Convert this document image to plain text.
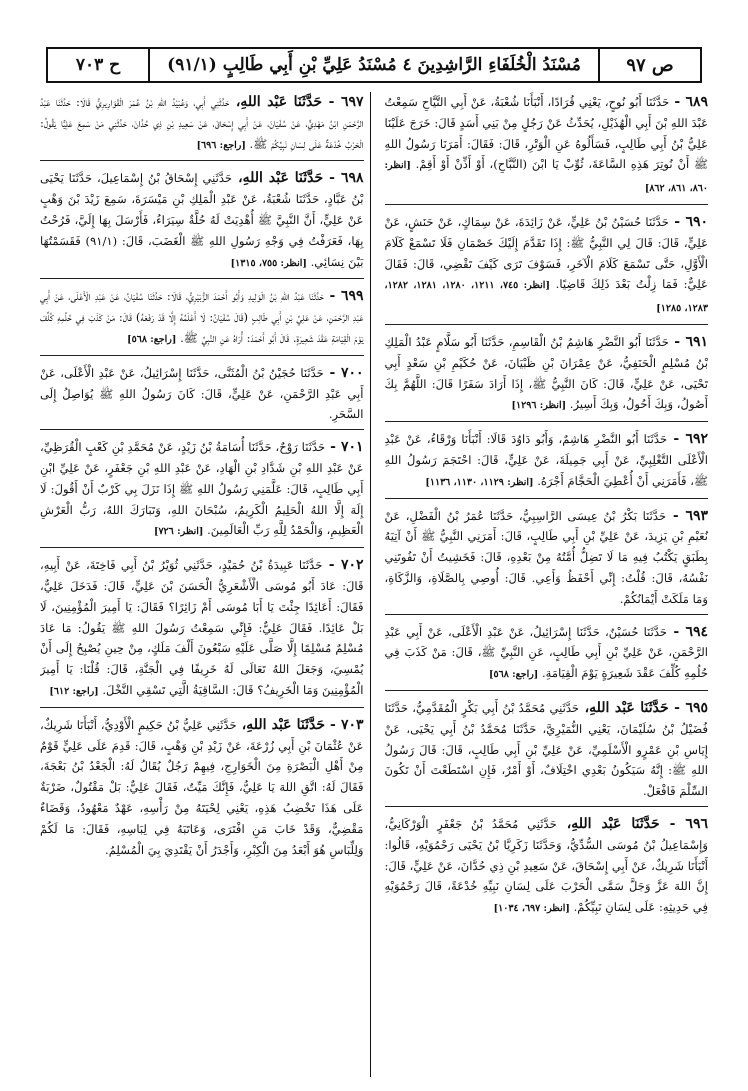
ص ٩٧
مُسْنَدُ الْخُلَفَاءِ الرَّاشِدِينَ ٤ مُسْنَدُ عَلِيِّ بْنِ أَبِي طَالِبٍ (٩١/١)
ح ٧٠٣

٦٨٩ - حَدَّثَنَا أَبُو نُوحٍ، يَعْنِي قُرَادًا، أَنْبَأَنَا شُعْبَةُ، عَنْ أَبِي التَّيَّاحِ سَمِعْتُ عَبْدَ اللهِ بْنَ أَبِي الْهُذَيْلِ، يُحَدِّثُ عَنْ رَجُلٍ مِنْ بَنِي أَسَدٍ قَالَ: خَرَجَ عَلَيْنَا عَلِيُّ بْنُ أَبِي طَالِبٍ، فَسَأَلُوهُ عَنِ الْوَتْرِ، قَالَ: فَقَالَ: أَمَرَنَا رَسُولُ اللهِ ﷺ أَنْ نُوتِرَ هَذِهِ السَّاعَةَ، ثُوِّبْ يَا ابْنَ (النَّبَّاحِ)، أَوْ أَذِّنْ أَوْ أَقِمْ. [انظر: ٨٦٠، ٨٦١، ٨٦٢]

٦٩٠ - حَدَّثَنَا حُسَيْنُ بْنُ عَلِيٍّ، عَنْ زَائِدَةَ، عَنْ سِمَاكٍ، عَنْ حَنَشٍ، عَنْ عَلِيٍّ، قَالَ: قَالَ لِي النَّبِيُّ ﷺ: إِذَا تَقَدَّمَ إِلَيْكَ خَصْمَانِ فَلَا تَسْمَعْ كَلَامَ الْأَوَّلِ، حَتَّى تَسْمَعَ كَلَامَ الْآخَرِ، فَسَوْفَ تَرَى كَيْفَ تَقْضِي، قَالَ: فَقَالَ عَلِيٌّ: فَمَا زِلْتُ بَعْدَ ذَلِكَ قَاضِيًا. [انظر: ٧٤٥، ١٢١١، ١٢٨٠، ١٢٨١، ١٢٨٢، ١٢٨٣، ١٢٨٥]

٦٩١ - حَدَّثَنَا أَبُو النَّضْرِ هَاشِمُ بْنُ الْقَاسِمِ، حَدَّثَنَا أَبُو سَلَّامٍ عَبْدُ الْمَلِكِ بْنُ مُسْلِمٍ الْحَنَفِيُّ، عَنْ عِمْرَانَ بْنِ ظَبْيَانَ، عَنْ حُكَيْمِ بْنِ سَعْدٍ أَبِي تَحْيَى، عَنْ عَلِيٍّ، قَالَ: كَانَ النَّبِيُّ ﷺ، إِذَا أَرَادَ سَفَرًا قَالَ: اللَّهُمَّ بِكَ أَصُولُ، وَبِكَ أَحُولُ، وَبِكَ أَسِيرُ. [انظر: ١٢٩٦]

٦٩٢ - حَدَّثَنَا أَبُو النَّضْرِ هَاشِمٌ، وَأَبُو دَاوُدَ قَالَا: أَنْبَأَنَا وَرْقَاءُ، عَنْ عَبْدِ الْأَعْلَى التَّغْلِبِيِّ، عَنْ أَبِي جَمِيلَةَ، عَنْ عَلِيٍّ، قَالَ: احْتَجَمَ رَسُولُ اللهِ ﷺ، فَأَمَرَنِي أَنْ أُعْطِيَ الْحَجَّامَ أَجْرَهُ. [انظر: ١١٢٩، ١١٣٠، ١١٣٦]

٦٩٣ - حَدَّثَنَا بَكْرُ بْنُ عِيسَى الرَّاسِبِيُّ، حَدَّثَنَا عُمَرُ بْنُ الْفَضْلِ، عَنْ نُعَيْمِ بْنِ يَزِيدَ، عَنْ عَلِيِّ بْنِ أَبِي طَالِبٍ، قَالَ: أَمَرَنِي النَّبِيُّ ﷺ أَنْ آتِيَهُ بِطَبَقٍ يَكْتُبُ فِيهِ مَا لَا تَضِلُّ أُمَّتُهُ مِنْ بَعْدِهِ، قَالَ: فَخَشِيتُ أَنْ تَفُوتَنِي نَفْسُهُ، قَالَ: قُلْتُ: إِنِّي أَحْفَظُ وَأَعِي. قَالَ: أُوصِي بِالصَّلَاةِ، وَالزَّكَاةِ، وَمَا مَلَكَتْ أَيْمَانُكُمْ.

٦٩٤ - حَدَّثَنَا حُسَيْنٌ، حَدَّثَنَا إِسْرَائِيلُ، عَنْ عَبْدِ الْأَعْلَى، عَنْ أَبِي عَبْدِ الرَّحْمَنِ، عَنْ عَلِيِّ بْنِ أَبِي طَالِبٍ، عَنِ النَّبِيِّ ﷺ، قَالَ: مَنْ كَذَبَ فِي حُلُمِهِ كُلِّفَ عَقْدَ شَعِيرَةٍ يَوْمَ الْقِيَامَةِ. [راجع: ٥٦٨]

٦٩٥ - حَدَّثَنَا عَبْد اللهِ، حَدَّثَنِي مُحَمَّدُ بْنُ أَبِي بَكْرٍ الْمُقَدَّمِيُّ، حَدَّثَنَا فُضَيْلُ بْنُ سُلَيْمَانَ، يَعْنِي النُّمَيْرِيَّ، حَدَّثَنَا مُحَمَّدُ بْنُ أَبِي يَحْيَى، عَنْ إِيَاسِ بْنِ عَمْرٍو الْأَسْلَمِيِّ، عَنْ عَلِيِّ بْنِ أَبِي طَالِبٍ، قَالَ: قَالَ رَسُولُ اللهِ ﷺ: إِنَّهُ سَيَكُونُ بَعْدِي اخْتِلَافٌ، أَوْ أَمْرٌ، فَإِنِ اسْتَطَعْتَ أَنْ تَكُونَ السِّلْمَ فَافْعَلْ.

٦٩٦ - حَدَّثَنَا عَبْد اللهِ، حَدَّثَنِي مُحَمَّدُ بْنُ جَعْفَرٍ الْوَرْكَانِيُّ، وَإِسْمَاعِيلُ بْنُ مُوسَى السُّدِّيُّ، وَحَدَّثَنَا زَكَرِيَّا بْنُ يَحْيَى رَحْمُوَيْهِ، قَالُوا: أَنْبَأَنَا شَرِيكٌ، عَنْ أَبِي إِسْحَاقَ، عَنْ سَعِيدِ بْنِ ذِي حُدَّانَ، عَنْ عَلِيٍّ، قَالَ: إِنَّ اللهَ عَزَّ وَجَلَّ سَمَّى الْحَرْبَ عَلَى لِسَانِ نَبِيِّهِ خُدْعَةً، قَالَ رَحْمُوَيْهِ فِي حَدِيثِهِ: عَلَى لِسَانِ نَبِيِّكُمْ. [انظر: ٦٩٧، ١٠٣٤]

٦٩٧ - حَدَّثَنَا عَبْد اللهِ، حَدَّثَنِي أَبِي، وَعُبَيْدُ اللهِ بْنُ عُمَرَ الْقَوَارِيرِيُّ قَالَا: حَدَّثَنَا عَبْدُ الرَّحْمَنِ ابْنُ مَهْدِيٍّ، عَنْ سُفْيَانَ، عَنْ أَبِي إِسْحَاقَ، عَنْ سَعِيدِ بْنِ ذِي حُدَّانَ، حَدَّثَنِي مَنْ سَمِعَ عَلِيًّا يَقُولُ: الْحَرْبُ خُدْعَةٌ عَلَى لِسَانِ نَبِيِّكُمْ ﷺ. [راجع: ٦٩٦]

٦٩٨ - حَدَّثَنَا عَبْد اللهِ، حَدَّثَنِي إِسْحَاقُ بْنُ إِسْمَاعِيلَ، حَدَّثَنَا يَحْيَى بْنُ عَبَّادٍ، حَدَّثَنَا شُعْبَةُ، عَنْ عَبْدِ الْمَلِكِ بْنِ مَيْسَرَةَ، سَمِعَ زَيْدَ بْنَ وَهْبٍ عَنْ عَلِيٍّ، أَنَّ النَّبِيَّ ﷺ أُهْدِيَتْ لَهُ حُلَّةٌ سِيَرَاءُ، فَأَرْسَلَ بِهَا إِلَيَّ، فَرُحْتُ بِهَا، فَعَرَفْتُ فِي وَجْهِ رَسُولِ اللهِ ﷺ الْغَضَبَ، قَالَ: (٩١/١) فَقَسَمْتُهَا بَيْنَ نِسَائِي. [انظر: ٧٥٥، ١٣١٥]

٦٩٩ - حَدَّثَنَا عَبْدُ اللهِ بْنُ الْوَلِيدِ وَأَبُو أَحْمَدَ الزُّبَيْرِيُّ، قَالَا: حَدَّثَنَا سُفْيَانُ، عَنْ عَبْدِ الْأَعْلَى، عَنْ أَبِي عَبْدِ الرَّحْمَنِ، عَنْ عَلِيِّ بْنِ أَبِي طَالِبٍ (قَالَ سُفْيَانُ: لَا أَعْلَمُهُ إِلَّا قَدْ رَفَعَهُ) قَالَ: مَنْ كَذَبَ فِي حُلُمِهِ كُلِّفَ يَوْمَ الْقِيَامَةِ عَقْدَ شَعِيرَةٍ. قَالَ أَبُو أَحْمَدَ: أُرَاهُ عَنِ النَّبِيِّ ﷺ. [راجع: ٥٦٨]

٧٠٠ - حَدَّثَنَا حُجَيْنُ بْنُ الْمُثَنَّى، حَدَّثَنَا إِسْرَائِيلُ، عَنْ عَبْدِ الْأَعْلَى، عَنْ أَبِي عَبْدِ الرَّحْمَنِ، عَنْ عَلِيٍّ، قَالَ: كَانَ رَسُولُ اللهِ ﷺ يُوَاصِلُ إِلَى السَّحَرِ.

٧٠١ - حَدَّثَنَا رَوْحٌ، حَدَّثَنَا أُسَامَةُ بْنُ زَيْدٍ، عَنْ مُحَمَّدِ بْنِ كَعْبٍ الْقُرَظِيِّ، عَنْ عَبْدِ اللهِ بْنِ شَدَّادِ بْنِ الْهَادِ، عَنْ عَبْدِ اللهِ بْنِ جَعْفَرٍ، عَنْ عَلِيِّ ابْنِ أَبِي طَالِبٍ، قَالَ: عَلَّمَنِي رَسُولُ اللهِ ﷺ إِذَا نَزَلَ بِي كَرْبٌ أَنْ أَقُولَ: لَا إِلَهَ إِلَّا اللهُ الْحَلِيمُ الْكَرِيمُ، سُبْحَانَ اللهِ، وَتَبَارَكَ اللهُ، رَبُّ الْعَرْشِ الْعَظِيمِ، وَالْحَمْدُ لِلَّهِ رَبِّ الْعَالَمِينَ. [انظر: ٧٢٦]

٧٠٢ - حَدَّثَنَا عَبِيدَةُ بْنُ حُمَيْدٍ، حَدَّثَنِي ثُوَيْرُ بْنُ أَبِي فَاخِتَةَ، عَنْ أَبِيهِ، قَالَ: عَادَ أَبُو مُوسَى الْأَشْعَرِيُّ الْحَسَنَ بْنَ عَلِيٍّ، قَالَ: فَدَخَلَ عَلِيٌّ، فَقَالَ: أَعَائِدًا جِئْتَ يَا أَبَا مُوسَى أَمْ زَائِرًا؟ فَقَالَ: يَا أَمِيرَ الْمُؤْمِنِينَ، لَا بَلْ عَائِدًا. فَقَالَ عَلِيٌّ: فَإِنِّي سَمِعْتُ رَسُولَ اللهِ ﷺ يَقُولُ: مَا عَادَ مُسْلِمٌ مُسْلِمًا إِلَّا صَلَّى عَلَيْهِ سَبْعُونَ أَلْفَ مَلَكٍ، مِنْ حِينِ يُصْبِحُ إِلَى أَنْ يُمْسِيَ، وَجَعَلَ اللهُ تَعَالَى لَهُ خَرِيفًا فِي الْجَنَّةِ، قَالَ: قُلْنَا: يَا أَمِيرَ الْمُؤْمِنِينَ وَمَا الْخَرِيفُ؟ قَالَ: السَّاقِيَةُ الَّتِي تَسْقِي النَّخْلَ. [راجع: ٦١٢]

٧٠٣ - حَدَّثَنَا عَبْد اللهِ، حَدَّثَنِي عَلِيُّ بْنُ حَكِيمٍ الْأَوْدِيُّ، أَنْبَأَنَا شَرِيكٌ، عَنْ عُثْمَانَ بْنِ أَبِي زُرْعَةَ، عَنْ زَيْدِ بْنِ وَهْبٍ، قَالَ: قَدِمَ عَلَى عَلِيٍّ قَوْمٌ مِنْ أَهْلِ الْبَصْرَةِ مِنَ الْخَوَارِجِ، فِيهِمْ رَجُلٌ يُقَالُ لَهُ: الْجَعْدُ بْنُ بَعْجَةَ، فَقَالَ لَهُ: اتَّقِ اللهَ يَا عَلِيُّ، فَإِنَّكَ مَيِّتٌ، فَقَالَ عَلِيٌّ: بَلْ مَقْتُولٌ، ضَرْبَةٌ عَلَى هَذَا تَخْضِبُ هَذِهِ، يَعْنِي لِحْيَتَهُ مِنْ رَأْسِهِ، عَهْدٌ مَعْهُودٌ، وَقَضَاءٌ مَقْضِيٌّ، وَقَدْ خَابَ مَنِ افْتَرَى، وَعَاتَبَهُ فِي لِبَاسِهِ، فَقَالَ: مَا لَكُمْ وَلِلِّبَاسِ هُوَ أَبْعَدُ مِنَ الْكِبْرِ، وَأَجْدَرُ أَنْ يَقْتَدِيَ بِيَ الْمُسْلِمُ.
